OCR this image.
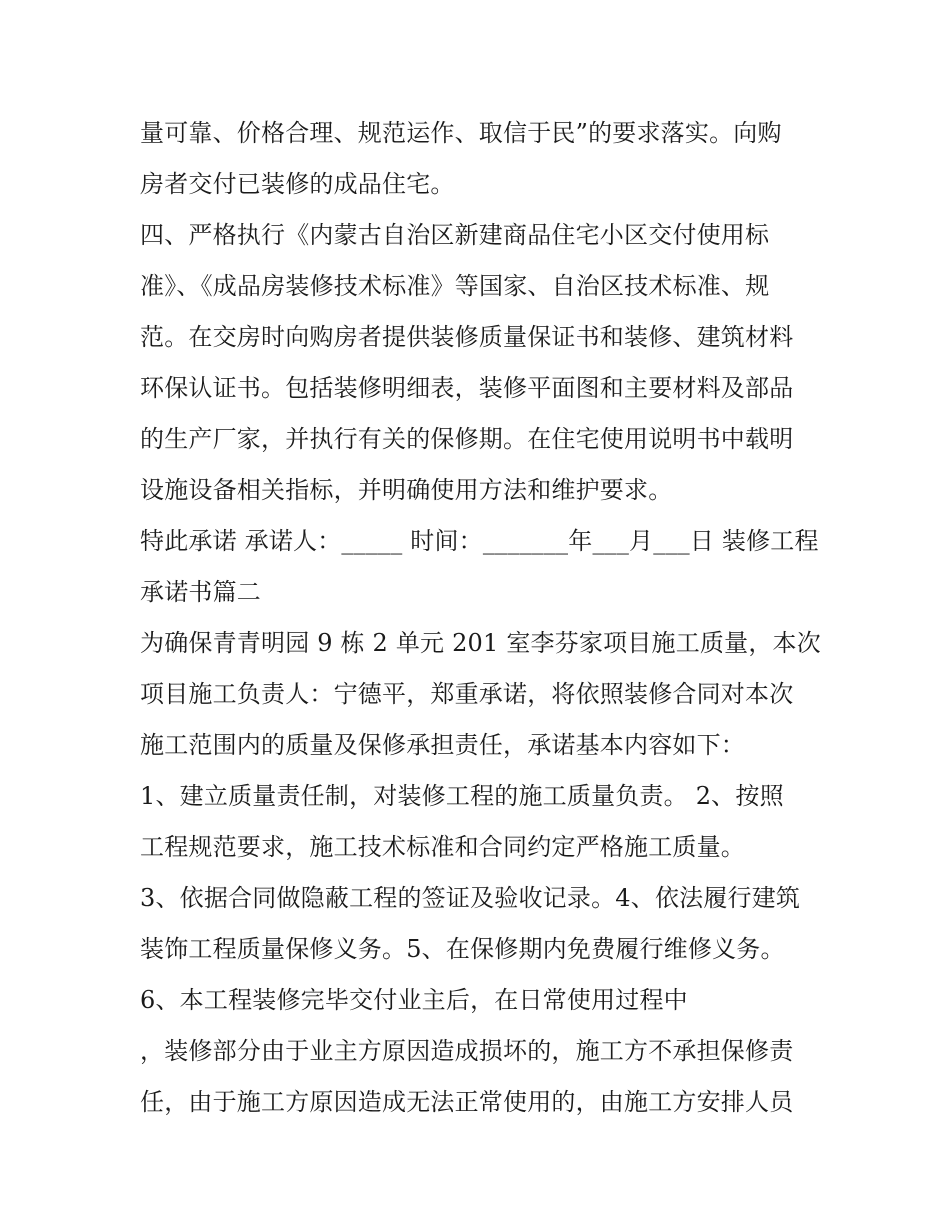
量可靠、价格合理、规范运作、取信于民”的要求落实。向购
房者交付已装修的成品住宅。
四、严格执行《内蒙古自治区新建商品住宅小区交付使用标
准》、《成品房装修技术标准》等国家、自治区技术标准、规
范。在交房时向购房者提供装修质量保证书和装修、建筑材料
环保认证书。包括装修明细表，装修平面图和主要材料及部品
的生产厂家，并执行有关的保修期。在住宅使用说明书中载明
设施设备相关指标，并明确使用方法和维护要求。
特此承诺 承诺人：_____ 时间：_______年___月___日 装修工程
承诺书篇二
为确保青青明园 9 栋 2 单元 201 室李芬家项目施工质量，本次
项目施工负责人：宁德平，郑重承诺，将依照装修合同对本次
施工范围内的质量及保修承担责任，承诺基本内容如下：
1、建立质量责任制，对装修工程的施工质量负责。 2、按照
工程规范要求，施工技术标准和合同约定严格施工质量。
3、依据合同做隐蔽工程的签证及验收记录。4、依法履行建筑
装饰工程质量保修义务。5、在保修期内免费履行维修义务。
6、本工程装修完毕交付业主后，在日常使用过程中
，装修部分由于业主方原因造成损坏的，施工方不承担保修责
任，由于施工方原因造成无法正常使用的，由施工方安排人员
